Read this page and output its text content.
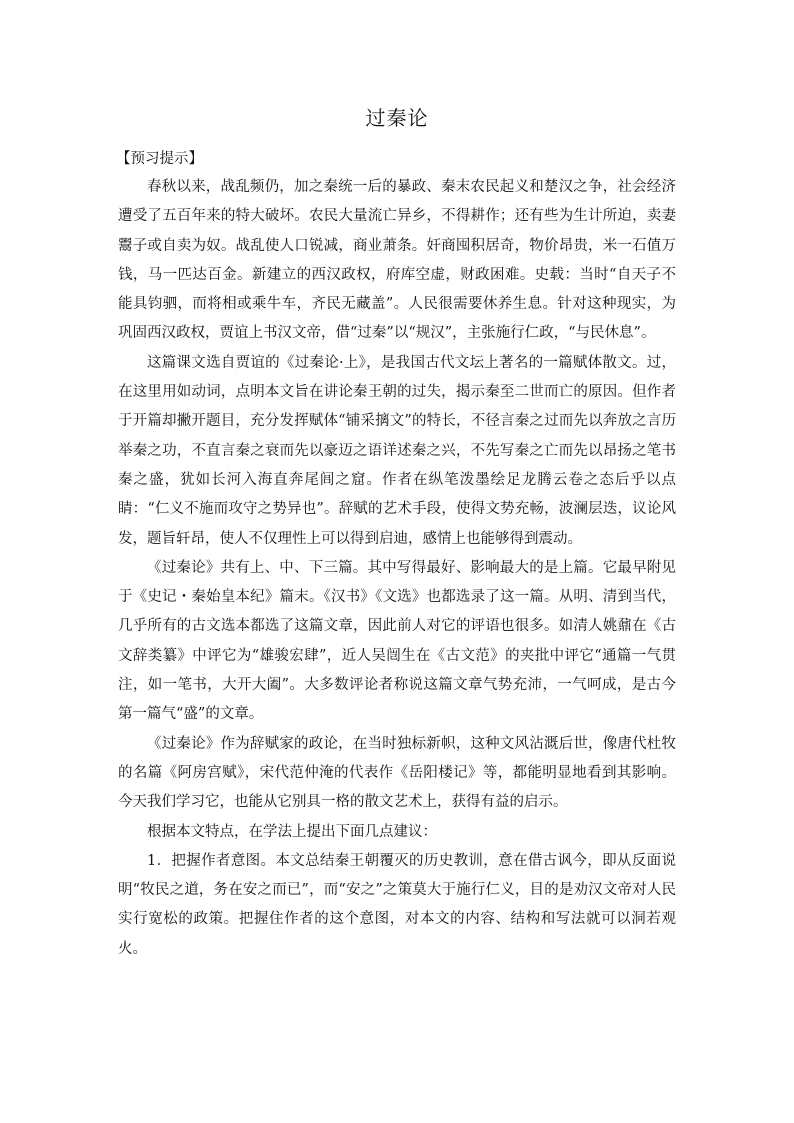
过秦论
【预习提示】

春秋以来，战乱频仍，加之秦统一后的暴政、秦末农民起义和楚汉之争，社会经济遭受了五百年来的特大破坏。农民大量流亡异乡，不得耕作；还有些为生计所迫，卖妻鬻子或自卖为奴。战乱使人口锐减，商业萧条。奸商囤积居奇，物价昂贵，米一石值万钱，马一匹达百金。新建立的西汉政权，府库空虚，财政困难。史载：当时“自天子不能具钧驷，而将相或乘牛车，齐民无藏盖”。人民很需要休养生息。针对这种现实，为巩固西汉政权，贾谊上书汉文帝，借“过秦”以“规汉”，主张施行仁政，“与民休息”。

这篇课文选自贾谊的《过秦论·上》，是我国古代文坛上著名的一篇赋体散文。过，在这里用如动词，点明本文旨在讲论秦王朝的过失，揭示秦至二世而亡的原因。但作者于开篇却撇开题目，充分发挥赋体“铺采摛文”的特长，不径言秦之过而先以奔放之言历举秦之功，不直言秦之衰而先以豪迈之语详述秦之兴，不先写秦之亡而先以昂扬之笔书秦之盛，犹如长河入海直奔尾闾之窟。作者在纵笔泼墨绘足龙腾云卷之态后乎以点睛：“仁义不施而攻守之势异也”。辞赋的艺术手段，使得文势充畅，波澜层迭，议论风发，题旨轩昂，使人不仅理性上可以得到启迪，感情上也能够得到震动。

《过秦论》共有上、中、下三篇。其中写得最好、影响最大的是上篇。它最早附见于《史记・秦始皇本纪》篇末。《汉书》《文选》也都选录了这一篇。从明、清到当代，几乎所有的古文选本都选了这篇文章，因此前人对它的评语也很多。如清人姚鼐在《古文辞类纂》中评它为“雄骏宏肆”，近人吴闿生在《古文范》的夹批中评它“通篇一气贯注，如一笔书，大开大阖”。大多数评论者称说这篇文章气势充沛，一气呵成，是古今第一篇气“盛”的文章。

《过秦论》作为辞赋家的政论，在当时独标新帜，这种文风沾溉后世，像唐代杜牧的名篇《阿房宫赋》，宋代范仲淹的代表作《岳阳楼记》等，都能明显地看到其影响。今天我们学习它，也能从它别具一格的散文艺术上，获得有益的启示。

根据本文特点，在学法上提出下面几点建议：

1．把握作者意图。本文总结秦王朝覆灭的历史教训，意在借古讽今，即从反面说明“牧民之道，务在安之而已”，而“安之”之策莫大于施行仁义，目的是劝汉文帝对人民实行宽松的政策。把握住作者的这个意图，对本文的内容、结构和写法就可以洞若观火。
